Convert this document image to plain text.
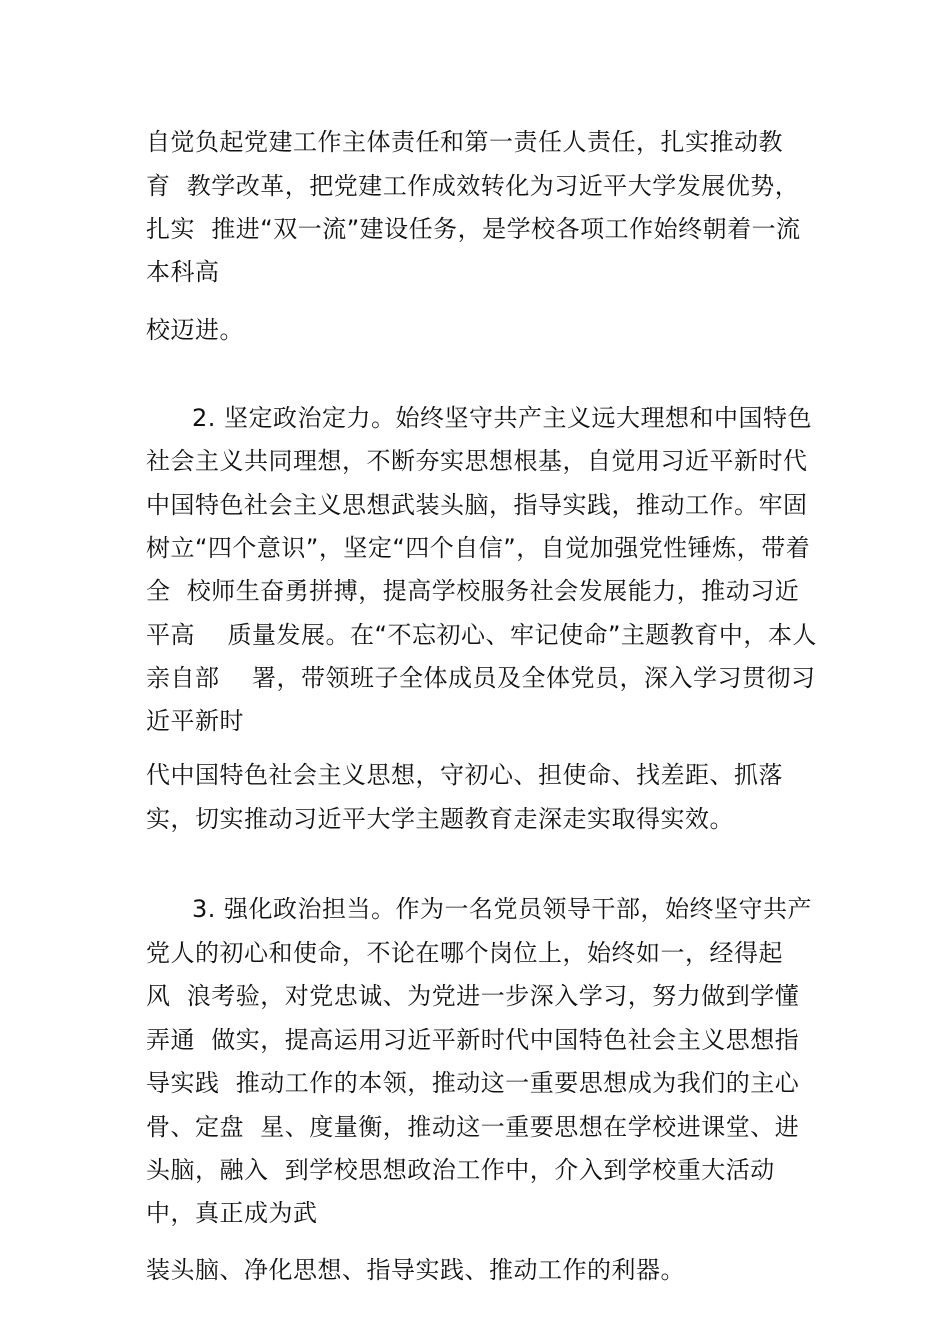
自觉负起党建工作主体责任和第一责任人责任，扎实推动教
育  教学改革，把党建工作成效转化为习近平大学发展优势，
扎实  推进“双一流”建设任务，是学校各项工作始终朝着一流
本科高
校迈进。
2. 坚定政治定力。始终坚守共产主义远大理想和中国特色
社会主义共同理想，不断夯实思想根基，自觉用习近平新时代
中国特色社会主义思想武装头脑，指导实践，推动工作。牢固
树立“四个意识”，坚定“四个自信”，自觉加强党性锤炼，带着
全  校师生奋勇拼搏，提高学校服务社会发展能力，推动习近
平高    质量发展。在“不忘初心、牢记使命”主题教育中，本人
亲自部    署，带领班子全体成员及全体党员，深入学习贯彻习
近平新时
代中国特色社会主义思想，守初心、担使命、找差距、抓落
实，切实推动习近平大学主题教育走深走实取得实效。
3. 强化政治担当。作为一名党员领导干部，始终坚守共产
党人的初心和使命，不论在哪个岗位上，始终如一，经得起
风  浪考验，对党忠诚、为党进一步深入学习，努力做到学懂
弄通  做实，提高运用习近平新时代中国特色社会主义思想指
导实践  推动工作的本领，推动这一重要思想成为我们的主心
骨、定盘  星、度量衡，推动这一重要思想在学校进课堂、进
头脑，融入  到学校思想政治工作中，介入到学校重大活动
中，真正成为武
装头脑、净化思想、指导实践、推动工作的利器。
